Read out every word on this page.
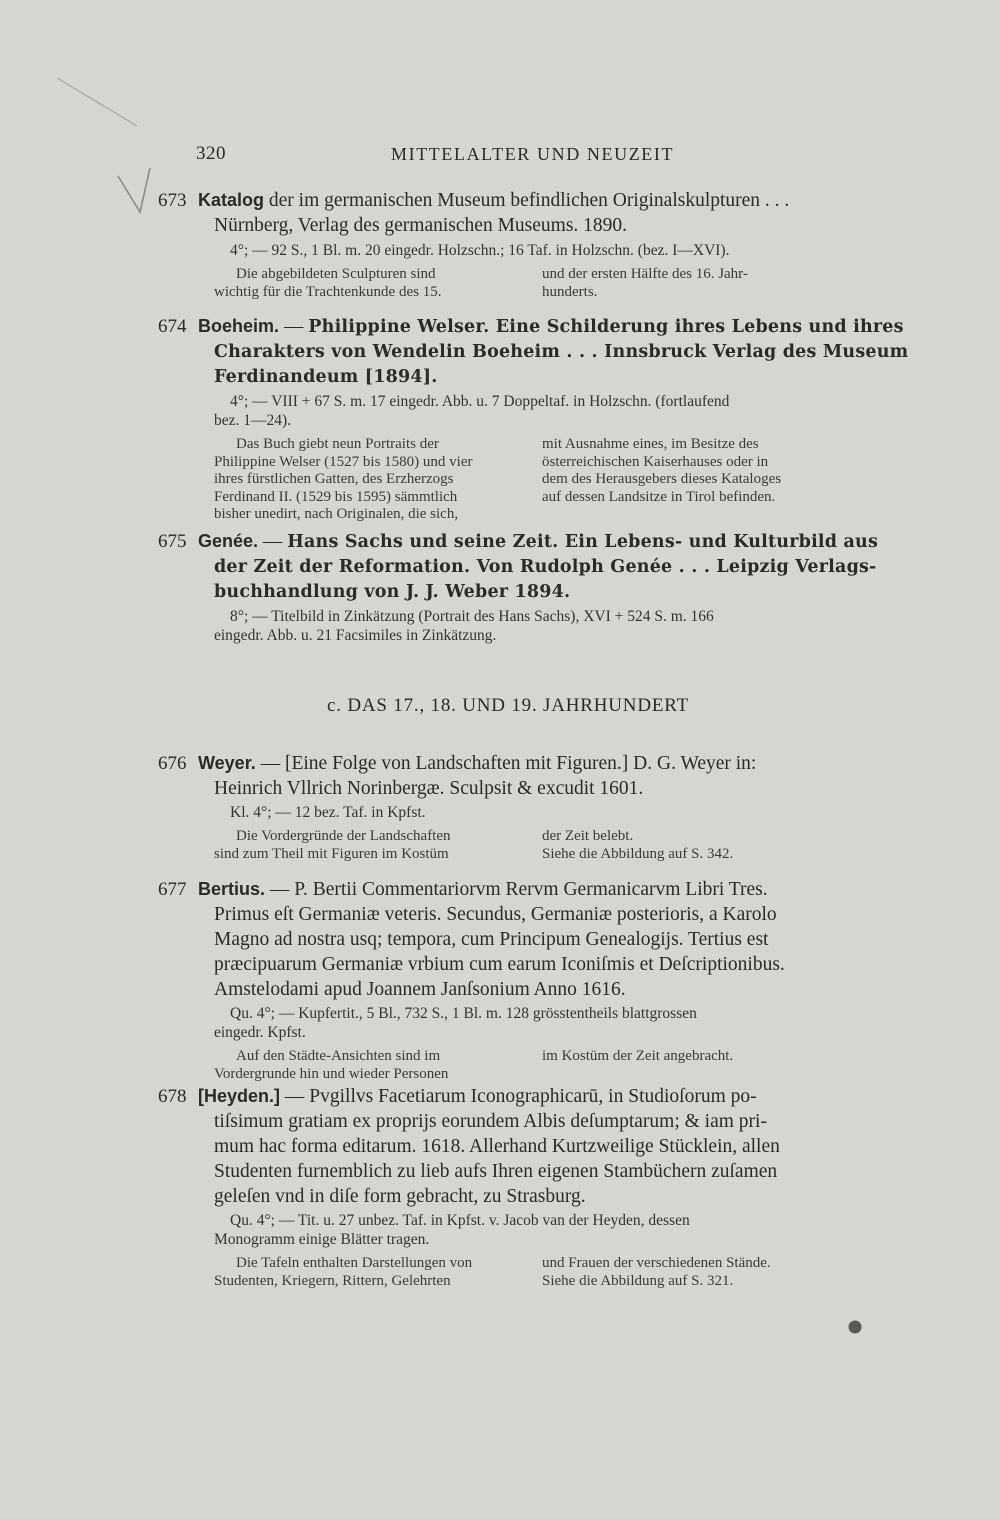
320	MITTELALTER UND NEUZEIT
673 Katalog der im germanischen Museum befindlichen Originalskulpturen . . .
Nürnberg, Verlag des germanischen Museums. 1890.
4°; — 92 S., 1 Bl. m. 20 eingedr. Holzschn.; 16 Taf. in Holzschn. (bez. I—XVI).
Die abgebildeten Sculpturen sind
wichtig für die Trachtenkunde des 15.
und der ersten Hälfte des 16. Jahr-
hunderts.
674 Boeheim. — Philippine Welser. Eine Schilderung ihres Lebens und ihres
Charakters von Wendelin Boeheim . . . Innsbruck Verlag des Museum
Ferdinandeum [1894].
4°; — VIII + 67 S. m. 17 eingedr. Abb. u. 7 Doppeltaf. in Holzschn. (fortlaufend
bez. 1—24).
Das Buch giebt neun Portraits der
Philippine Welser (1527 bis 1580) und vier
ihres fürstlichen Gatten, des Erzherzogs
Ferdinand II. (1529 bis 1595) sämmtlich
bisher unedirt, nach Originalen, die sich,
mit Ausnahme eines, im Besitze des
österreichischen Kaiserhauses oder in
dem des Herausgebers dieses Kataloges
auf dessen Landsitze in Tirol befinden.
675 Genée. — Hans Sachs und seine Zeit. Ein Lebens- und Kulturbild aus
der Zeit der Reformation. Von Rudolph Genée . . . Leipzig Verlags-
buchhandlung von J. J. Weber 1894.
8°; — Titelbild in Zinkätzung (Portrait des Hans Sachs), XVI + 524 S. m. 166
eingedr. Abb. u. 21 Facsimiles in Zinkätzung.
c. DAS 17., 18. UND 19. JAHRHUNDERT
676 Weyer. — [Eine Folge von Landschaften mit Figuren.] D. G. Weyer in:
Heinrich Vllrich Norinbergæ. Sculpsit & excudit 1601.
Kl. 4°; — 12 bez. Taf. in Kpfst.
Die Vordergründe der Landschaften
sind zum Theil mit Figuren im Kostüm
der Zeit belebt.
Siehe die Abbildung auf S. 342.
677 Bertius. — P. Bertii Commentariorvm Rervm Germanicarvm Libri Tres.
Primus eſt Germaniæ veteris. Secundus, Germaniæ posterioris, a Karolo
Magno ad nostra usq; tempora, cum Principum Genealogijs. Tertius est
præcipuarum Germaniæ vrbium cum earum Iconiſmis et Deſcriptionibus.
Amstelodami apud Joannem Janſsonium Anno 1616.
Qu. 4°; — Kupfertit., 5 Bl., 732 S., 1 Bl. m. 128 grösstentheils blattgrossen
eingedr. Kpfst.
Auf den Städte-Ansichten sind im
Vordergrunde hin und wieder Personen
im Kostüm der Zeit angebracht.
678 [Heyden.] — Pvgillvs Facetiarum Iconographicarū, in Studioſorum po-
tiſsimum gratiam ex proprijs eorundem Albis deſumptarum; & iam pri-
mum hac forma editarum. 1618. Allerhand Kurtzweilige Stücklein, allen
Studenten furnemblich zu lieb aufs Ihren eigenen Stambüchern zuſamen
geleſen vnd in diſe form gebracht, zu Strasburg.
Qu. 4°; — Tit. u. 27 unbez. Taf. in Kpfst. v. Jacob van der Heyden, dessen
Monogramm einige Blätter tragen.
Die Tafeln enthalten Darstellungen von
Studenten, Kriegern, Rittern, Gelehrten
und Frauen der verschiedenen Stände.
Siehe die Abbildung auf S. 321.
